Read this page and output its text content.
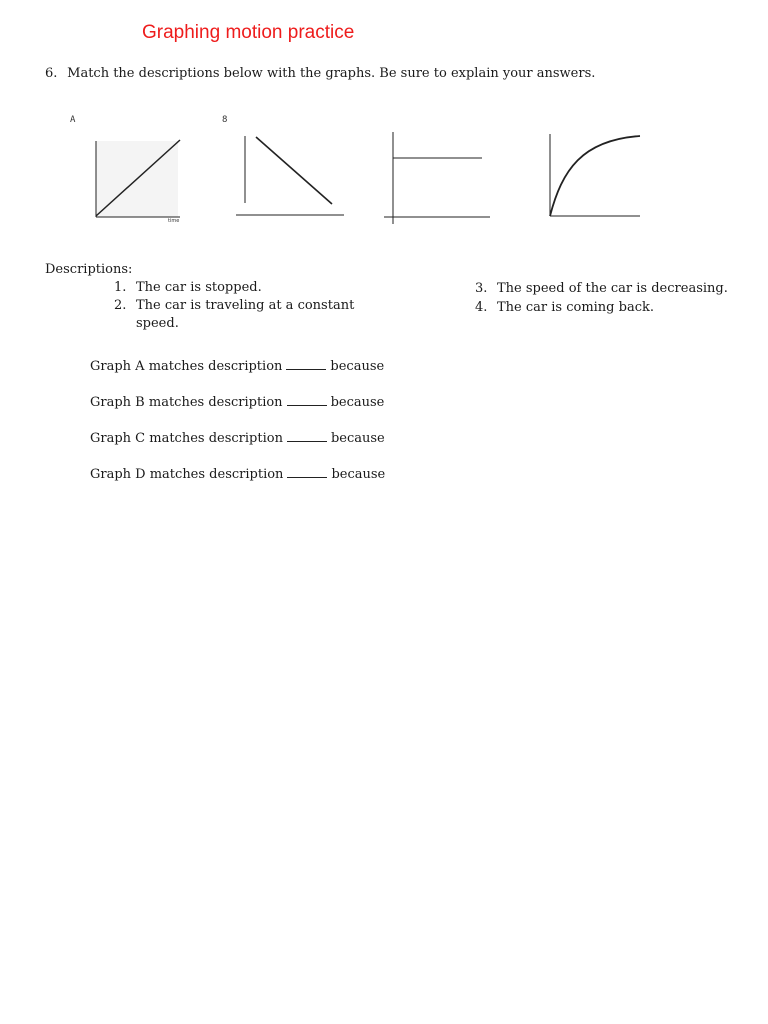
Graphing motion practice
6. Match the descriptions below with the graphs. Be sure to explain your answers.
A
time
8
Descriptions:
1. The car is stopped.
2. The car is traveling at a constant speed.
3. The speed of the car is decreasing.
4. The car is coming back.
Graph A matches description	because
Graph B matches description	because
Graph C matches description	because
Graph D matches description	because
